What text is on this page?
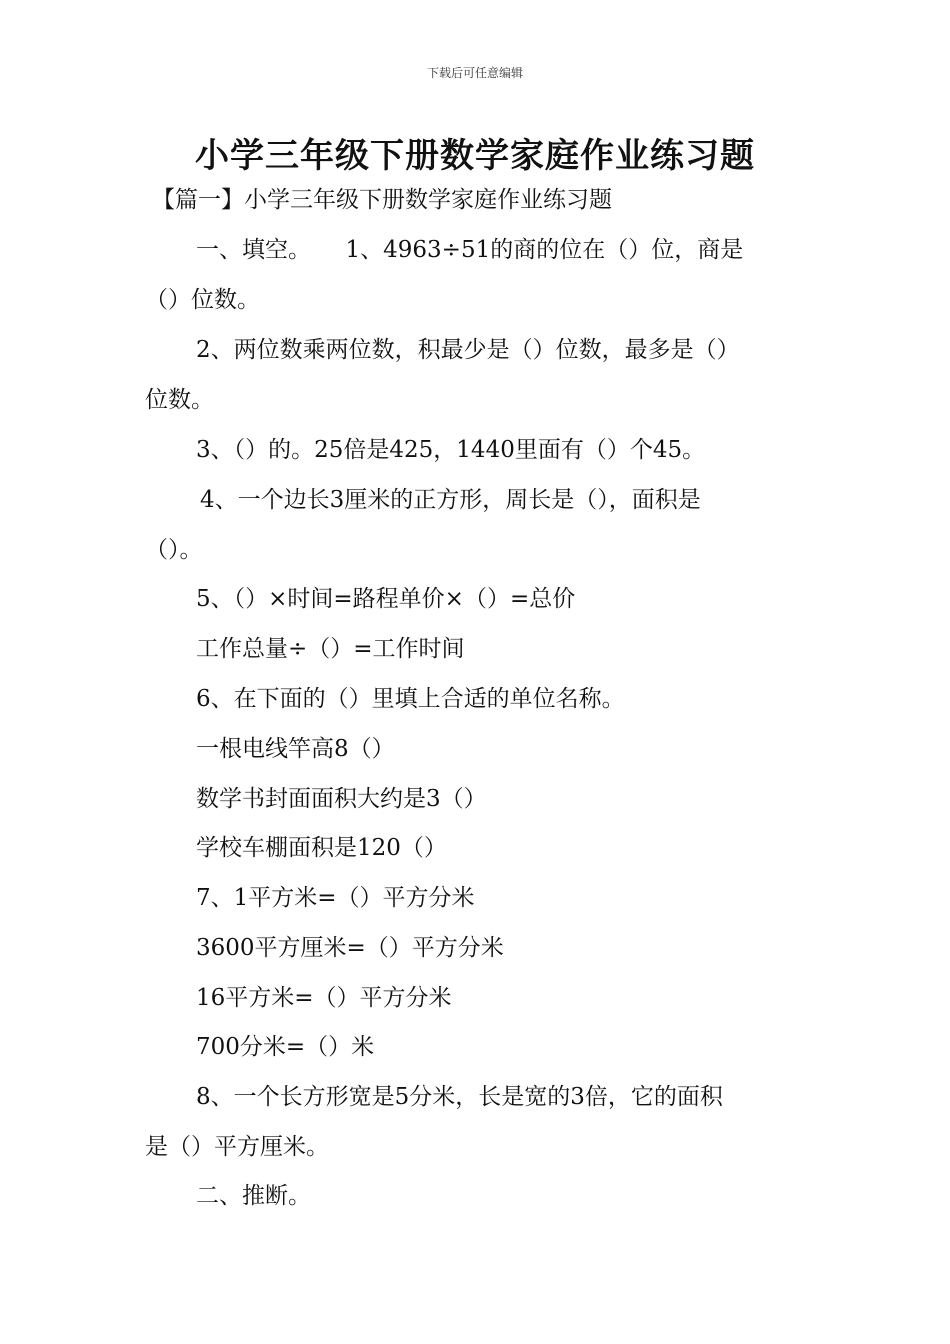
下载后可任意编辑
小学三年级下册数学家庭作业练习题
【篇一】小学三年级下册数学家庭作业练习题
一、填空。　　1、4963÷51的商的位在（）位，商是
（）位数。
2、两位数乘两位数，积最少是（）位数，最多是（）
位数。
3、（）的。25倍是425，1440里面有（）个45。
4、一个边长3厘米的正方形，周长是（），面积是
（）。
5、（）×时间=路程单价×（）=总价
工作总量÷（）=工作时间
6、在下面的（）里填上合适的单位名称。
一根电线竿高8（）
数学书封面面积大约是3（）
学校车棚面积是120（）
7、1平方米=（）平方分米
3600平方厘米=（）平方分米
16平方米=（）平方分米
700分米=（）米
8、一个长方形宽是5分米，长是宽的3倍，它的面积
是（）平方厘米。
二、推断。
